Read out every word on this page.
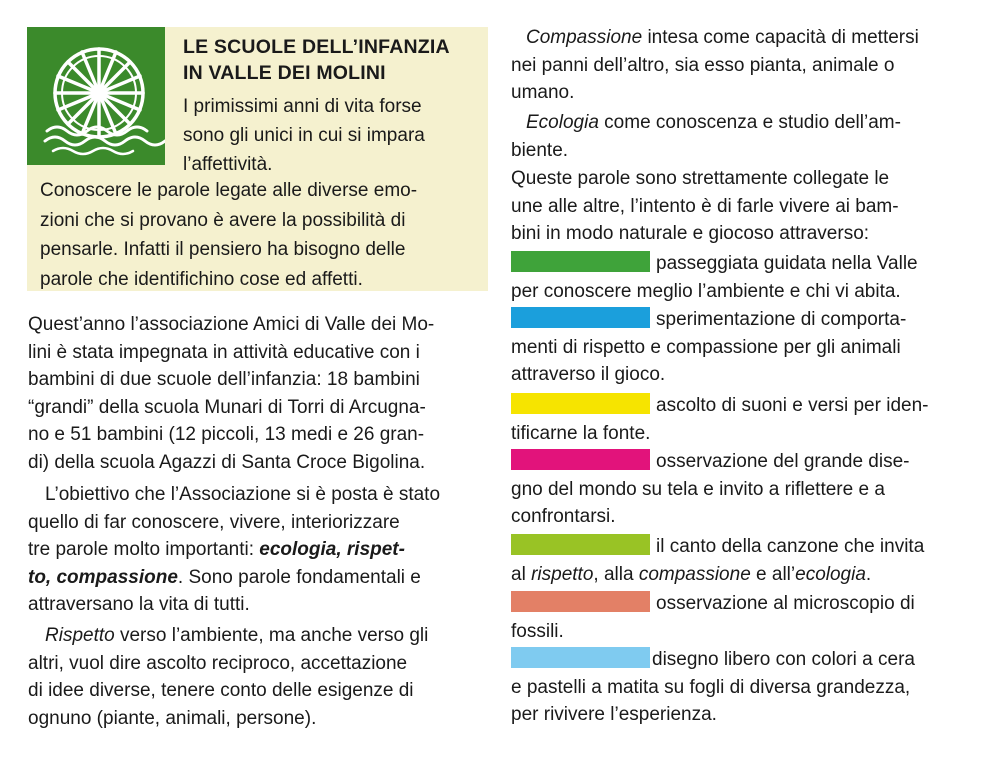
LE SCUOLE DELL’INFANZIA
IN VALLE DEI MOLINI
I primissimi anni di vita forse
sono gli unici in cui si impara
l’affettività.
Conoscere le parole legate alle diverse emo-
zioni che si provano è avere la possibilità di
pensarle. Infatti il pensiero ha bisogno delle
parole che identifichino cose ed affetti.
Quest’anno l’associazione Amici di Valle dei Mo-
lini è stata impegnata in attività educative con i
bambini di due scuole dell’infanzia: 18 bambini
“grandi” della scuola Munari di Torri di Arcugna-
no e 51 bambini (12 piccoli, 13 medi e 26 gran-
di) della scuola Agazzi di Santa Croce Bigolina.
L’obiettivo che l’Associazione si è posta è stato
quello di far conoscere, vivere, interiorizzare
tre parole molto importanti: ecologia, rispet-
to, compassione. Sono parole fondamentali e
attraversano la vita di tutti.
Rispetto verso l’ambiente, ma anche verso gli
altri, vuol dire ascolto reciproco, accettazione
di idee diverse, tenere conto delle esigenze di
ognuno (piante, animali, persone).
Compassione intesa come capacità di mettersi
nei panni dell’altro, sia esso pianta, animale o
umano.
Ecologia come conoscenza e studio dell’am-
biente.
Queste parole sono strettamente collegate le
une alle altre, l’intento è di farle vivere ai bam-
bini in modo naturale e giocoso attraverso:
passeggiata guidata nella Valle
per conoscere meglio l’ambiente e chi vi abita.
sperimentazione di comporta-
menti di rispetto e compassione per gli animali
attraverso il gioco.
ascolto di suoni e versi per iden-
tificarne la fonte.
osservazione del grande dise-
gno del mondo su tela e invito a riflettere e a
confrontarsi.
il canto della canzone che invita
al rispetto, alla compassione e all’ecologia.
osservazione al microscopio di
fossili.
disegno libero con colori a cera
e pastelli a matita su fogli di diversa grandezza,
per rivivere l’esperienza.
